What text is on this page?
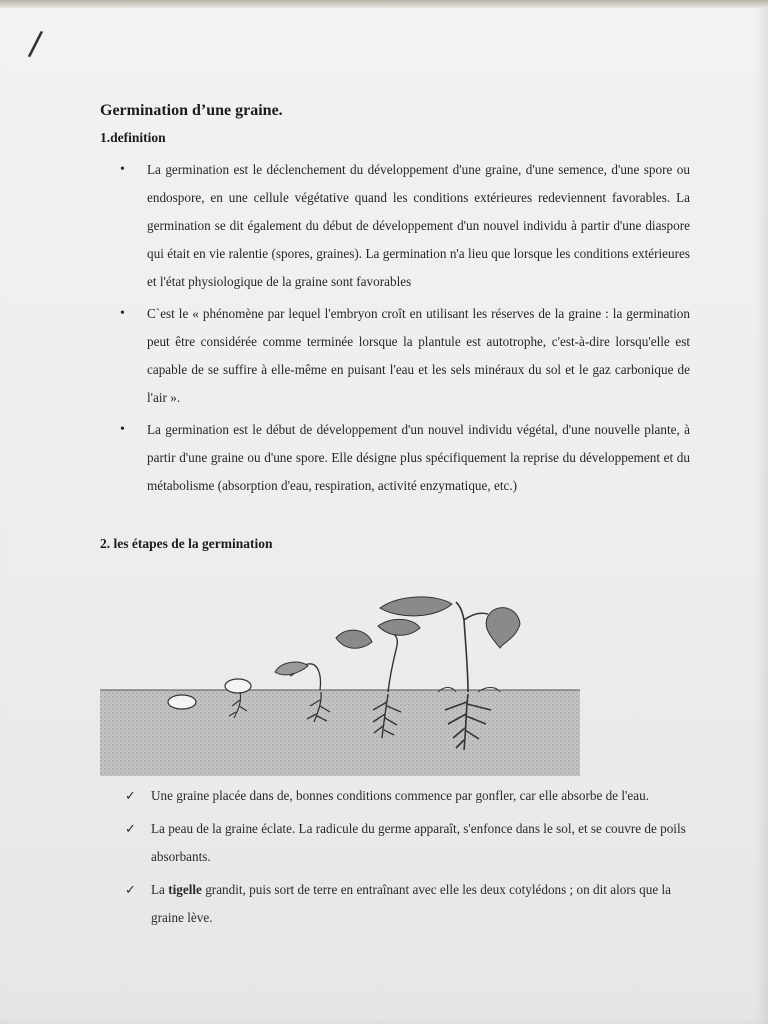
/
Germination d’une graine.
1.definition
• La germination est le déclenchement du développement d'une graine, d'une semence, d'une spore ou endospore, en une cellule végétative quand les conditions extérieures redeviennent favorables. La germination se dit également du début de développement d'un nouvel individu à partir d'une diaspore qui était en vie ralentie (spores, graines). La germination n'a lieu que lorsque les conditions extérieures et l'état physiologique de la graine sont favorables
• C`est le « phénomène par lequel l'embryon croît en utilisant les réserves de la graine : la germination peut être considérée comme terminée lorsque la plantule est autotrophe, c'est-à-dire lorsqu'elle est capable de se suffire à elle-même en puisant l'eau et les sels minéraux du sol et le gaz carbonique de l'air ».
• La germination est le début de développement d'un nouvel individu végétal, d'une nouvelle plante, à partir d'une graine ou d'une spore. Elle désigne plus spécifiquement la reprise du développement et du métabolisme (absorption d'eau, respiration, activité enzymatique, etc.)
2. les étapes de la germination
✓ Une graine placée dans de, bonnes conditions commence par gonfler, car elle absorbe de l'eau.
✓ La peau de la graine éclate. La radicule du germe apparaît, s'enfonce dans le sol, et se couvre de poils absorbants.
✓ La tigelle grandit, puis sort de terre en entraînant avec elle les deux cotylédons ; on dit alors que la graine lève.
